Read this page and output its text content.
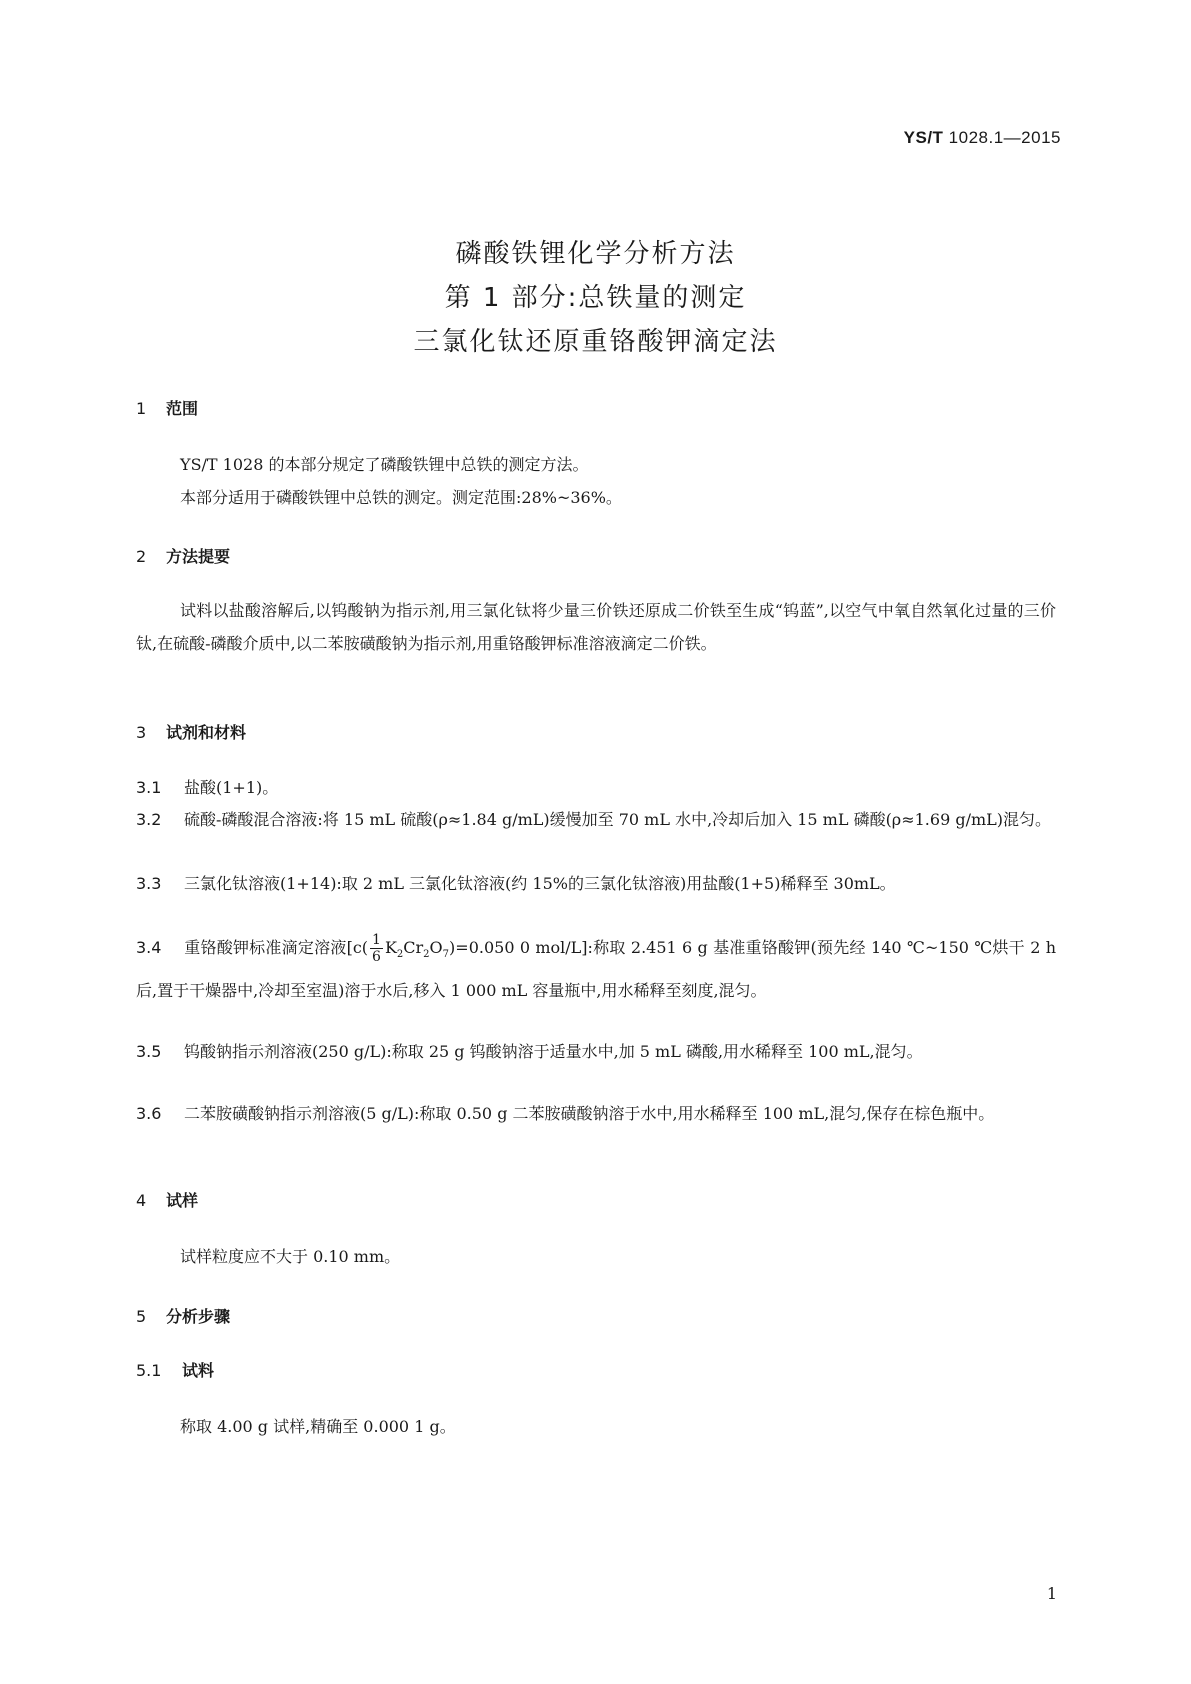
YS/T 1028.1—2015
磷酸铁锂化学分析方法
第 1 部分:总铁量的测定
三氯化钛还原重铬酸钾滴定法
1 范围
YS/T 1028 的本部分规定了磷酸铁锂中总铁的测定方法。
本部分适用于磷酸铁锂中总铁的测定。测定范围:28%~36%。
2 方法提要
试料以盐酸溶解后,以钨酸钠为指示剂,用三氯化钛将少量三价铁还原成二价铁至生成“钨蓝”,以空气中氧自然氧化过量的三价钛,在硫酸-磷酸介质中,以二苯胺磺酸钠为指示剂,用重铬酸钾标准溶液滴定二价铁。
3 试剂和材料
3.1 盐酸(1+1)。
3.2 硫酸-磷酸混合溶液:将 15 mL 硫酸(ρ≈1.84 g/mL)缓慢加至 70 mL 水中,冷却后加入 15 mL 磷酸(ρ≈1.69 g/mL)混匀。
3.3 三氯化钛溶液(1+14):取 2 mL 三氯化钛溶液(约 15%的三氯化钛溶液)用盐酸(1+5)稀释至 30mL。
3.4 重铬酸钾标准滴定溶液[$c( \frac{1}{6} K_2Cr_2O_7)=0.050$ 0 mol/L]:称取 2.451 6 g 基准重铬酸钾(预先经 140 ℃~150 ℃烘干 2 h 后,置于干燥器中,冷却至室温)溶于水后,移入 1 000 mL 容量瓶中,用水稀释至刻度,混匀。
3.5 钨酸钠指示剂溶液(250 g/L):称取 25 g 钨酸钠溶于适量水中,加 5 mL 磷酸,用水稀释至 100 mL,混匀。
3.6 二苯胺磺酸钠指示剂溶液(5 g/L):称取 0.50 g 二苯胺磺酸钠溶于水中,用水稀释至 100 mL,混匀,保存在棕色瓶中。
4 试样
试样粒度应不大于 0.10 mm。
5 分析步骤
5.1 试料
称取 4.00 g 试样,精确至 0.000 1 g。
1
